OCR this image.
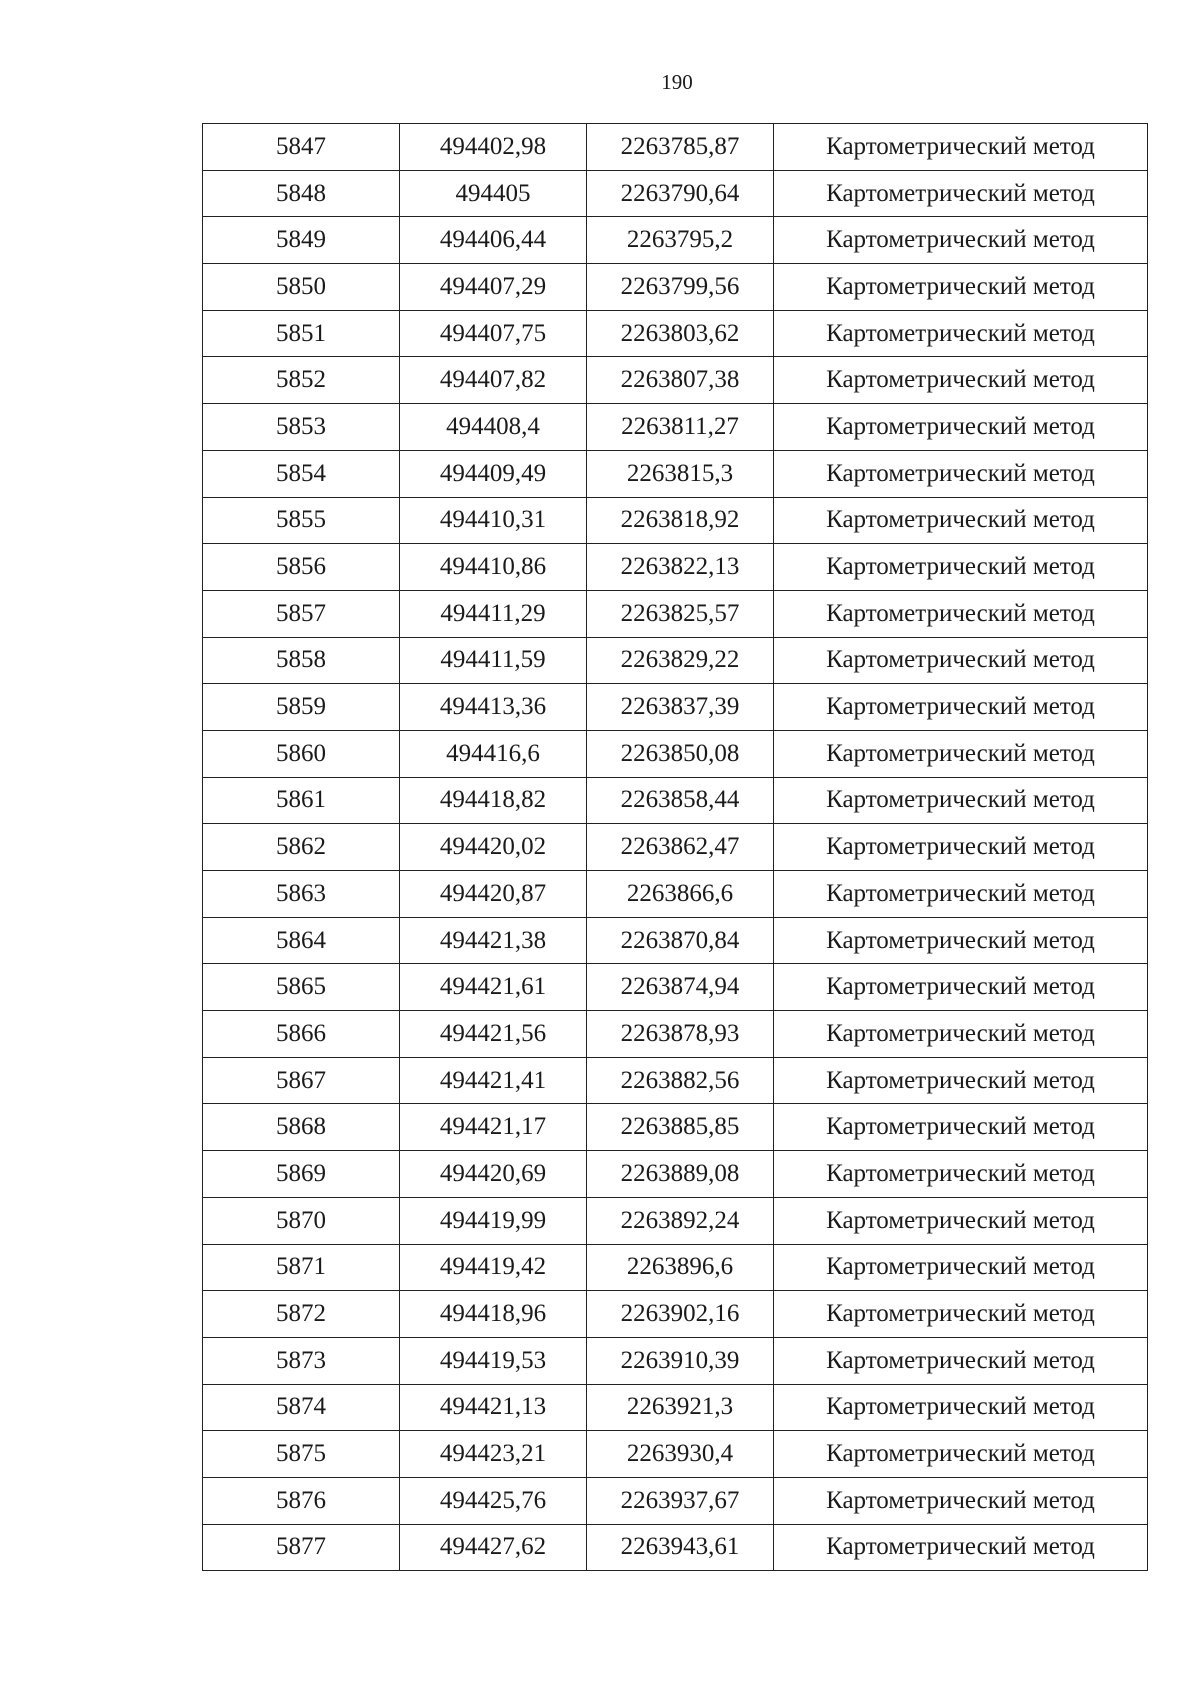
190
5847	494402,98	2263785,87	Картометрический метод
5848	494405	2263790,64	Картометрический метод
5849	494406,44	2263795,2	Картометрический метод
5850	494407,29	2263799,56	Картометрический метод
5851	494407,75	2263803,62	Картометрический метод
5852	494407,82	2263807,38	Картометрический метод
5853	494408,4	2263811,27	Картометрический метод
5854	494409,49	2263815,3	Картометрический метод
5855	494410,31	2263818,92	Картометрический метод
5856	494410,86	2263822,13	Картометрический метод
5857	494411,29	2263825,57	Картометрический метод
5858	494411,59	2263829,22	Картометрический метод
5859	494413,36	2263837,39	Картометрический метод
5860	494416,6	2263850,08	Картометрический метод
5861	494418,82	2263858,44	Картометрический метод
5862	494420,02	2263862,47	Картометрический метод
5863	494420,87	2263866,6	Картометрический метод
5864	494421,38	2263870,84	Картометрический метод
5865	494421,61	2263874,94	Картометрический метод
5866	494421,56	2263878,93	Картометрический метод
5867	494421,41	2263882,56	Картометрический метод
5868	494421,17	2263885,85	Картометрический метод
5869	494420,69	2263889,08	Картометрический метод
5870	494419,99	2263892,24	Картометрический метод
5871	494419,42	2263896,6	Картометрический метод
5872	494418,96	2263902,16	Картометрический метод
5873	494419,53	2263910,39	Картометрический метод
5874	494421,13	2263921,3	Картометрический метод
5875	494423,21	2263930,4	Картометрический метод
5876	494425,76	2263937,67	Картометрический метод
5877	494427,62	2263943,61	Картометрический метод
